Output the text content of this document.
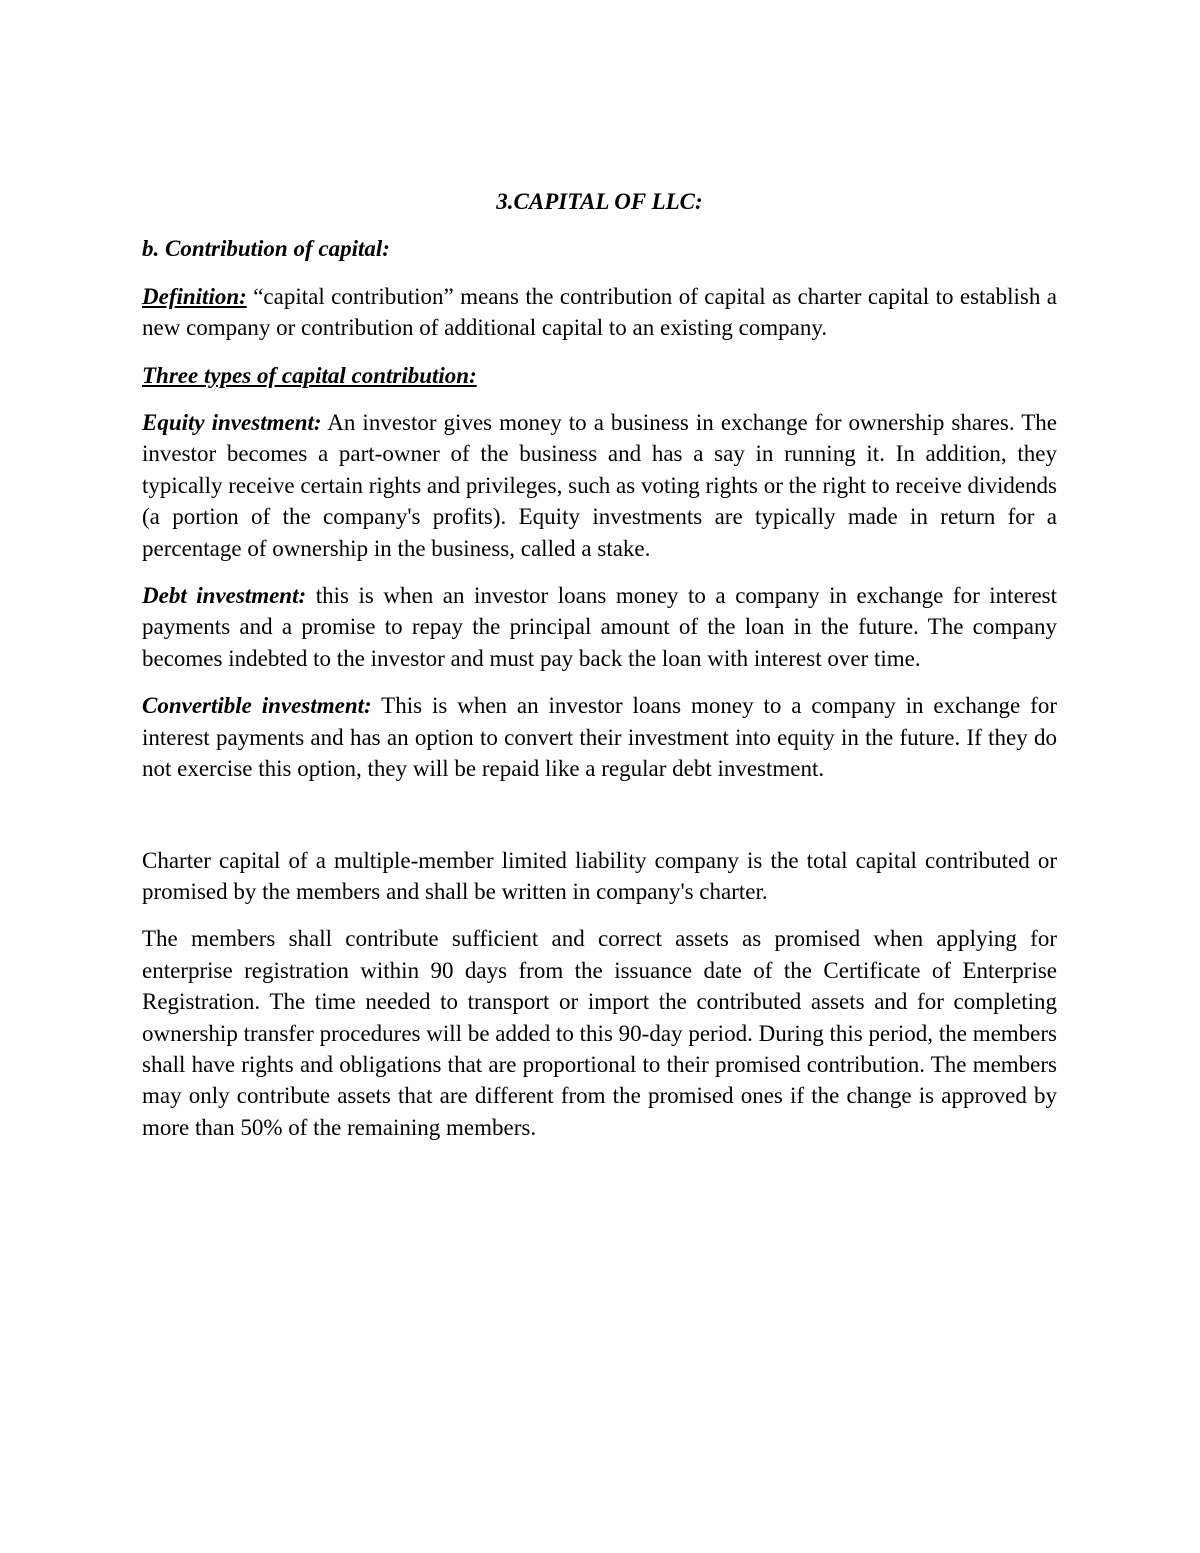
3.CAPITAL OF LLC:
b. Contribution of capital:

Definition: “capital contribution” means the contribution of capital as charter capital to establish a new company or contribution of additional capital to an existing company.

Three types of capital contribution:

Equity investment: An investor gives money to a business in exchange for ownership shares. The investor becomes a part-owner of the business and has a say in running it. In addition, they typically receive certain rights and privileges, such as voting rights or the right to receive dividends (a portion of the company's profits). Equity investments are typically made in return for a percentage of ownership in the business, called a stake.

Debt investment: this is when an investor loans money to a company in exchange for interest payments and a promise to repay the principal amount of the loan in the future. The company becomes indebted to the investor and must pay back the loan with interest over time.

Convertible investment: This is when an investor loans money to a company in exchange for interest payments and has an option to convert their investment into equity in the future. If they do not exercise this option, they will be repaid like a regular debt investment.

Charter capital of a multiple-member limited liability company is the total capital contributed or promised by the members and shall be written in company's charter.

The members shall contribute sufficient and correct assets as promised when applying for enterprise registration within 90 days from the issuance date of the Certificate of Enterprise Registration. The time needed to transport or import the contributed assets and for completing ownership transfer procedures will be added to this 90-day period. During this period, the members shall have rights and obligations that are proportional to their promised contribution. The members may only contribute assets that are different from the promised ones if the change is approved by more than 50% of the remaining members.
